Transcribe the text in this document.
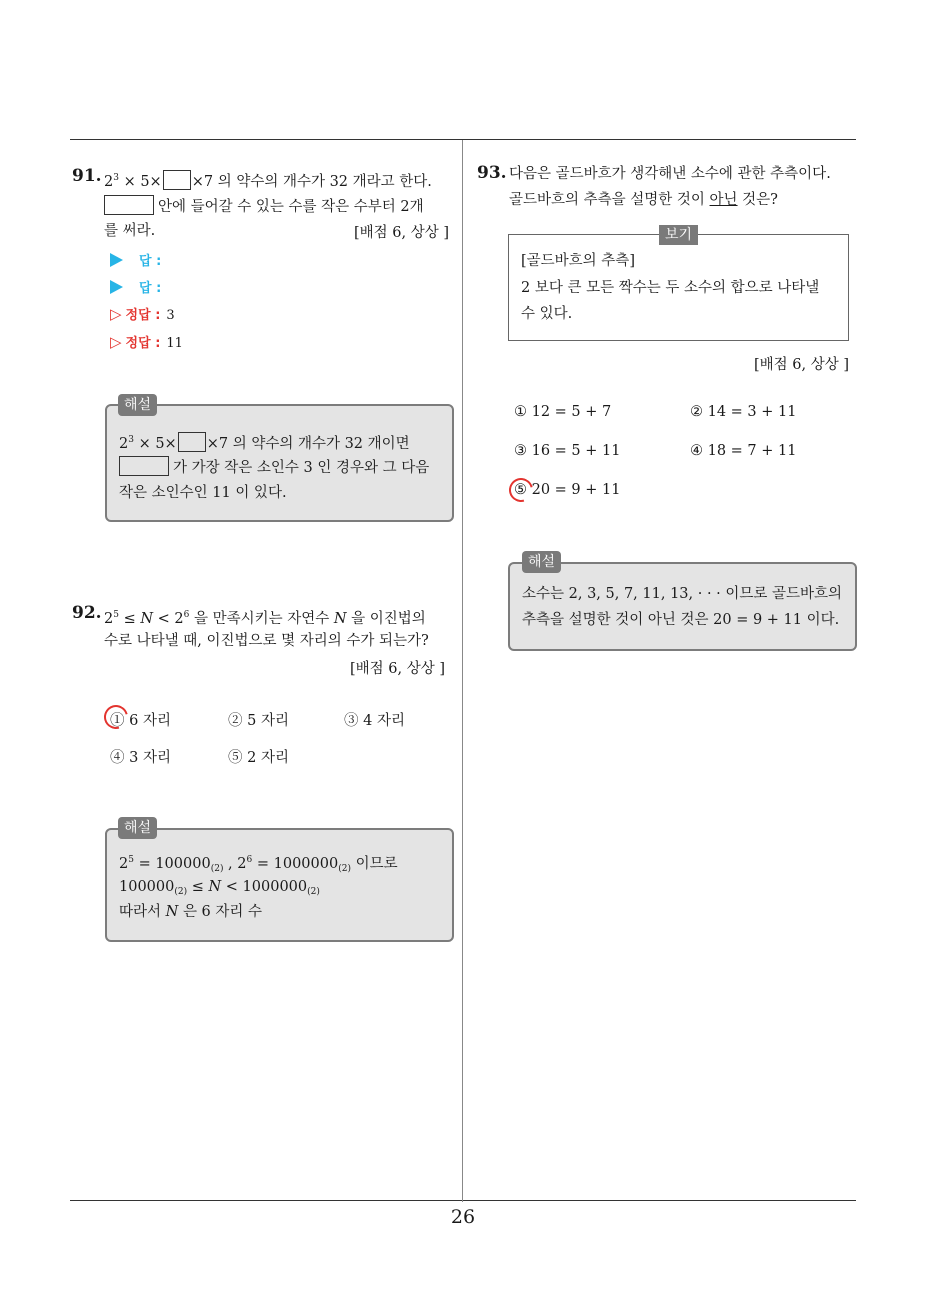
26
91. $2^3 \times 5\times \times 7$ 의 약수의 개수가 32 개라고 한다.
안에 들어갈 수 있는 수를 작은 수부터 2개
를 써라.	[배점 6, 상상 ]
답 :
답 :
▷ 정답 : 3
▷ 정답 : 11
$2^3 \times 5\times \times 7$ 의 약수의 개수가 32 개이면
가 가장 작은 소인수 3 인 경우와 그 다음
작은 소인수인 11 이 있다.
해설
92. $2^5 \le N < 2^6$ 을 만족시키는 자연수 N 을 이진법의
수로 나타낼 때, 이진법으로 몇 자리의 수가 되는가?
[배점 6, 상상 ]
① 6 자리	② 5 자리	③ 4 자리
④ 3 자리	⑤ 2 자리
$2^5 = 100000_{(2)}$ , $2^6 = 1000000_{(2)}$ 이므로
$100000_{(2)} \le N < 1000000_{(2)}$
따라서 N 은 6 자리 수
해설
93. 다음은 골드바흐가 생각해낸 소수에 관한 추측이다.
골드바흐의 추측을 설명한 것이 아닌 것은?
[골드바흐의 추측]
2 보다 큰 모든 짝수는 두 소수의 합으로 나타낼
수 있다.
보기
[배점 6, 상상 ]
① 12 = 5 + 7	② 14 = 3 + 11
③ 16 = 5 + 11	④ 18 = 7 + 11
⑤ 20 = 9 + 11
소수는 2, 3, 5, 7, 11, 13, · · · 이므로 골드바흐의
추측을 설명한 것이 아닌 것은 20 = 9 + 11 이다.
해설
